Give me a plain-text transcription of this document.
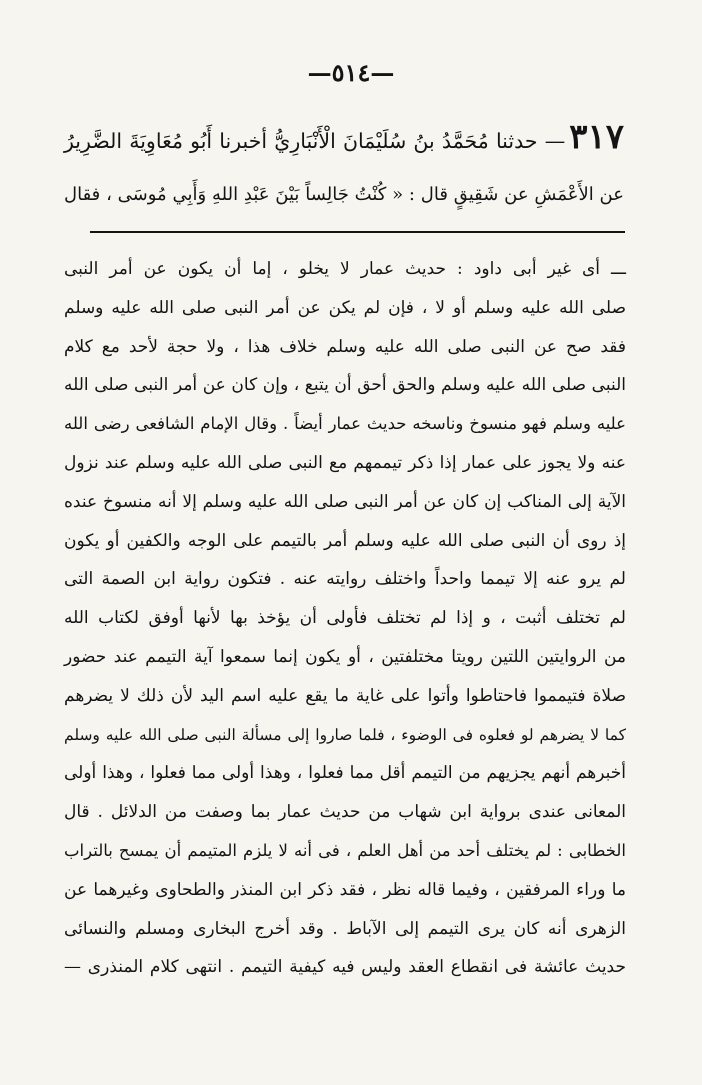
—٥١٤—
٣١٧— حدثنا مُحَمَّدُ بنُ سُلَيْمَانَ الْأَنْبَارِيُّ أخبرنا أَبُو مُعَاوِيَةَ الضَّرِيرُ
عن الأَعْمَشِ عن شَقِيقٍ قال : « كُنْتُ جَالِساً بَيْنَ عَبْدِ اللهِ وَأَبِي مُوسَى ، فقال
ـــ أى غير أبى داود : حديث عمار لا يخلو ، إما أن يكون عن أمر النبى
صلى الله عليه وسلم أو لا ، فإن لم يكن عن أمر النبى صلى الله عليه وسلم
فقد صح عن النبى صلى الله عليه وسلم خلاف هذا ، ولا حجة لأحد مع كلام
النبى صلى الله عليه وسلم والحق أحق أن يتبع ، وإن كان عن أمر النبى صلى الله
عليه وسلم فهو منسوخ وناسخه حديث عمار أيضاً . وقال الإمام الشافعى رضى الله
عنه ولا يجوز على عمار إذا ذكر تيممهم مع النبى صلى الله عليه وسلم عند نزول
الآية إلى المناكب إن كان عن أمر النبى صلى الله عليه وسلم إلا أنه منسوخ عنده
إذ روى أن النبى صلى الله عليه وسلم أمر بالتيمم على الوجه والكفين أو يكون
لم يرو عنه إلا تيمما واحداً واختلف روايته عنه . فتكون رواية ابن الصمة التى
لم تختلف أثبت ، و إذا لم تختلف فأولى أن يؤخذ بها لأنها أوفق لكتاب الله
من الروايتين اللتين رويتا مختلفتين ، أو يكون إنما سمعوا آية التيمم عند حضور
صلاة فتيمموا فاحتاطوا وأتوا على غاية ما يقع عليه اسم اليد لأن ذلك لا يضرهم
كما لا يضرهم لو فعلوه فى الوضوء ، فلما صاروا إلى مسألة النبى صلى الله عليه وسلم
أخبرهم أنهم يجزيهم من التيمم أقل مما فعلوا ، وهذا أولى مما فعلوا ، وهذا أولى
المعانى عندى برواية ابن شهاب من حديث عمار بما وصفت من الدلائل . قال
الخطابى : لم يختلف أحد من أهل العلم ، فى أنه لا يلزم المتيمم أن يمسح بالتراب
ما وراء المرفقين ، وفيما قاله نظر ، فقد ذكر ابن المنذر والطحاوى وغيرهما عن
الزهرى أنه كان يرى التيمم إلى الآباط . وقد أخرج البخارى ومسلم والنسائى
حديث عائشة فى انقطاع العقد وليس فيه كيفية التيمم . انتهى كلام المنذرى —
